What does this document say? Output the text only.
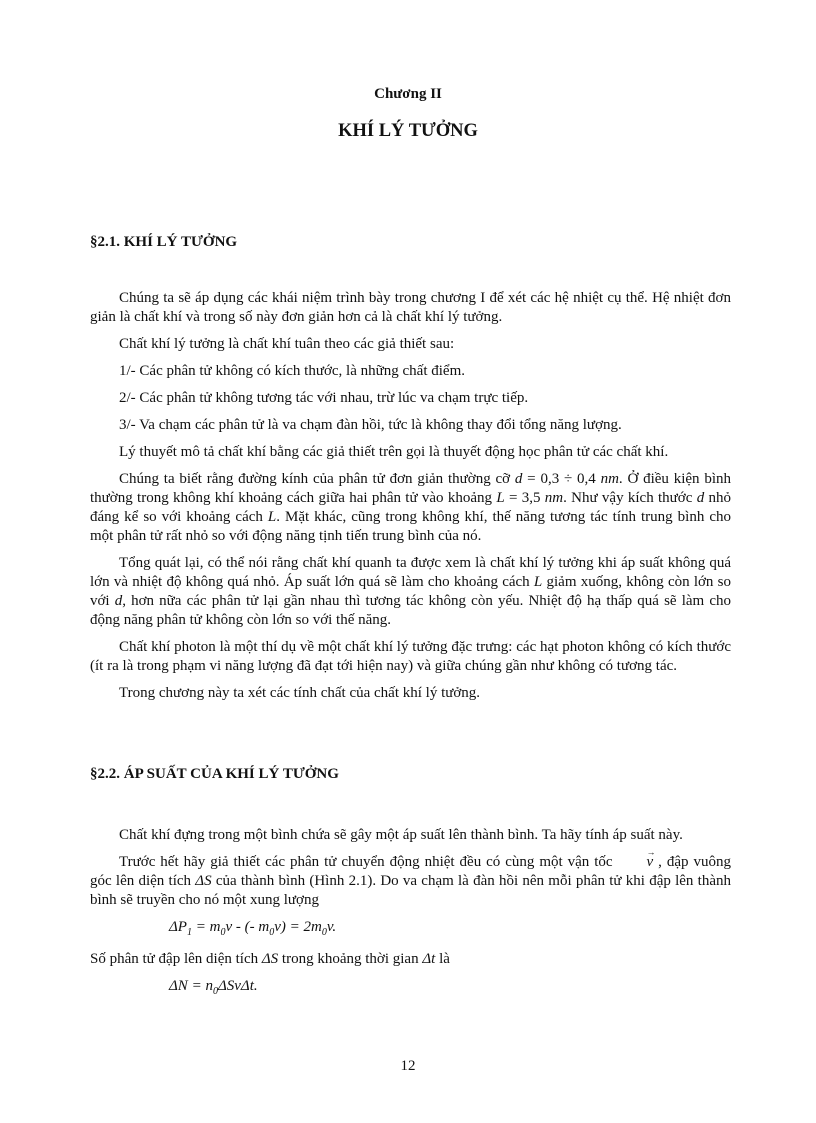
Chương II
KHÍ LÝ TƯỞNG
§2.1. KHÍ LÝ TƯỞNG

Chúng ta sẽ áp dụng các khái niệm trình bày trong chương I để xét các hệ nhiệt cụ thể. Hệ nhiệt đơn giản là chất khí và trong số này đơn giản hơn cả là chất khí lý tưởng.

Chất khí lý tưởng là chất khí tuân theo các giả thiết sau:

1/- Các phân tử không có kích thước, là những chất điểm.

2/- Các phân tử không tương tác với nhau, trừ lúc va chạm trực tiếp.

3/- Va chạm các phân tử là va chạm đàn hồi, tức là không thay đổi tổng năng lượng.

Lý thuyết mô tả chất khí bằng các giả thiết trên gọi là thuyết động học phân tử các chất khí.

Chúng ta biết rằng đường kính của phân tử đơn giản thường cỡ d = 0,3 ÷ 0,4 nm. Ở điều kiện bình thường trong không khí khoảng cách giữa hai phân tử vào khoảng L = 3,5 nm. Như vậy kích thước d nhỏ đáng kể so với khoảng cách L. Mặt khác, cũng trong không khí, thế năng tương tác tính trung bình cho một phân tử rất nhỏ so với động năng tịnh tiến trung bình của nó.

Tổng quát lại, có thể nói rằng chất khí quanh ta được xem là chất khí lý tưởng khi áp suất không quá lớn và nhiệt độ không quá nhỏ. Áp suất lớn quá sẽ làm cho khoảng cách L giảm xuống, không còn lớn so với d, hơn nữa các phân tử lại gần nhau thì tương tác không còn yếu. Nhiệt độ hạ thấp quá sẽ làm cho động năng phân tử không còn lớn so với thế năng.

Chất khí photon là một thí dụ về một chất khí lý tưởng đặc trưng: các hạt photon không có kích thước (ít ra là trong phạm vi năng lượng đã đạt tới hiện nay) và giữa chúng gần như không có tương tác.

Trong chương này ta xét các tính chất của chất khí lý tưởng.

§2.2. ÁP SUẤT CỦA KHÍ LÝ TƯỞNG

Chất khí đựng trong một bình chứa sẽ gây một áp suất lên thành bình. Ta hãy tính áp suất này.

Trước hết hãy giả thiết các phân tử chuyển động nhiệt đều có cùng một vận tốc → v , đập vuông góc lên diện tích ΔS của thành bình (Hình 2.1). Do va chạm là đàn hồi nên mỗi phân tử khi đập lên thành bình sẽ truyền cho nó một xung lượng

$\Delta P_1 = m_0v$ - (- $m_0v) = 2m_0v$.

Số phân tử đập lên diện tích ΔS trong khoảng thời gian Δt là

$\Delta N = n_0\Delta Sv\Delta t$.
12
